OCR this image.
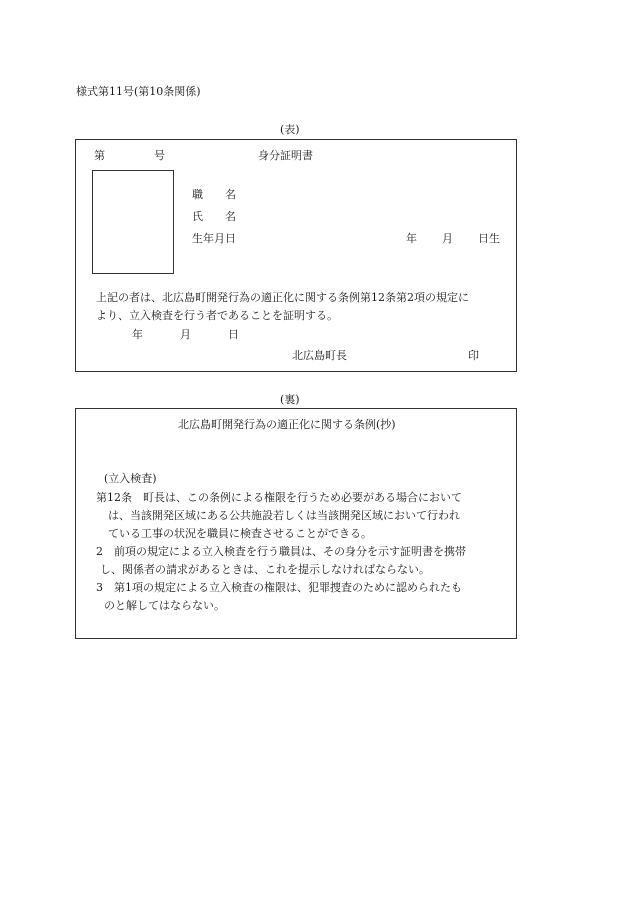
様式第11号(第10条関係)
(表)
第	号	身分証明書
職　　名
氏　　名
生年月日	年 月 日生
上記の者は、北広島町開発行為の適正化に関する条例第12条第2項の規定に
より、立入検査を行う者であることを証明する。
年	月	日
北広島町長	印
(裏)
北広島町開発行為の適正化に関する条例(抄)
(立入検査)
第12条　町長は、この条例による権限を行うため必要がある場合において
は、当該開発区域にある公共施設若しくは当該開発区域において行われ
ている工事の状況を職員に検査させることができる。
2　前項の規定による立入検査を行う職員は、その身分を示す証明書を携帯
し、関係者の請求があるときは、これを提示しなければならない。
3　第1項の規定による立入検査の権限は、犯罪捜査のために認められたも
のと解してはならない。
